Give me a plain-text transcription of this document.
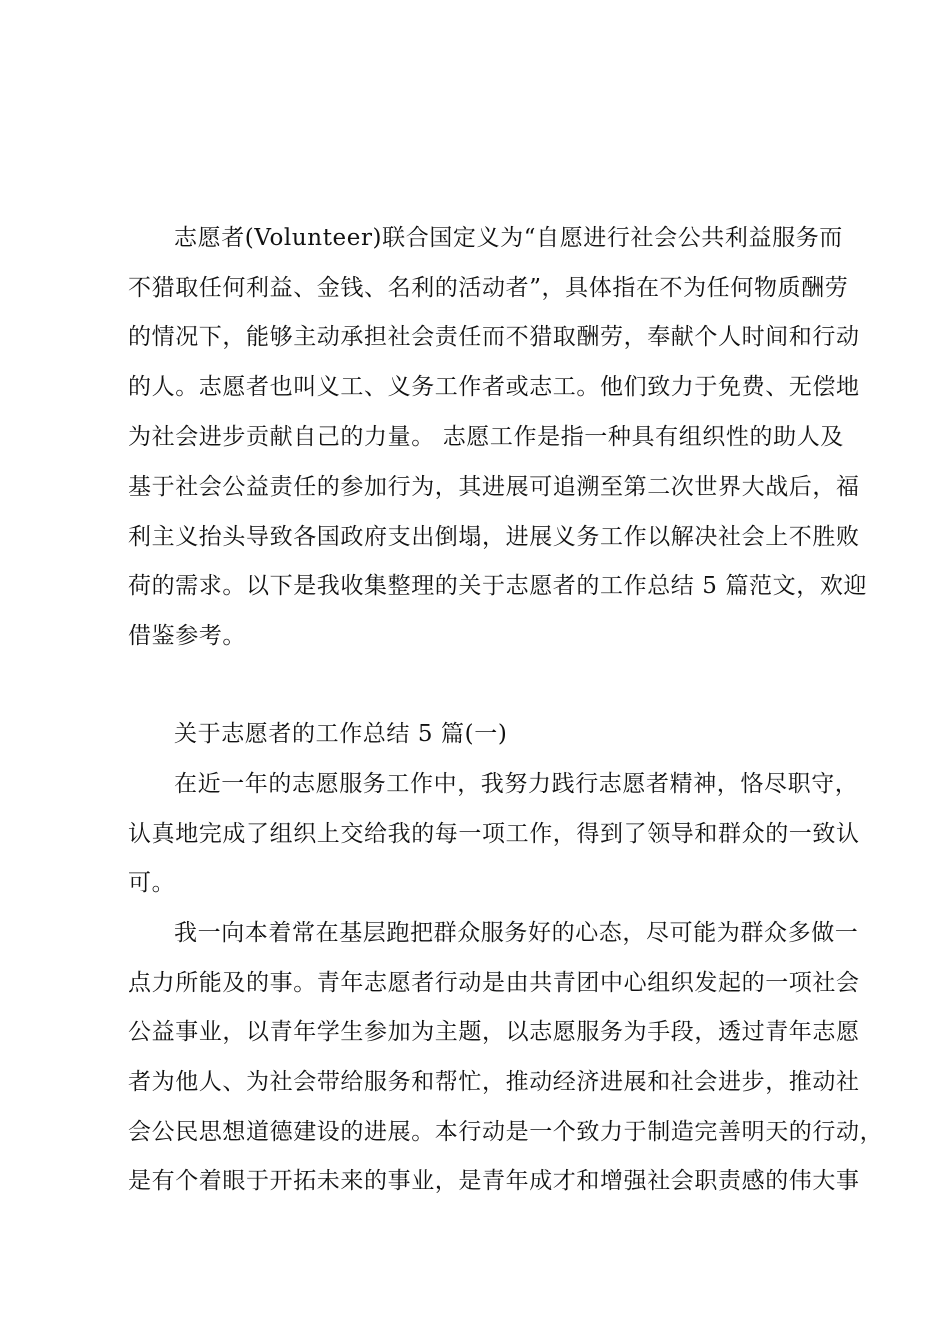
志愿者(Volunteer)联合国定义为“自愿进行社会公共利益服务而
不猎取任何利益、金钱、名利的活动者”，具体指在不为任何物质酬劳
的情况下，能够主动承担社会责任而不猎取酬劳，奉献个人时间和行动
的人。志愿者也叫义工、义务工作者或志工。他们致力于免费、无偿地
为社会进步贡献自己的力量。 志愿工作是指一种具有组织性的助人及
基于社会公益责任的参加行为，其进展可追溯至第二次世界大战后，福
利主义抬头导致各国政府支出倒塌，进展义务工作以解决社会上不胜败
荷的需求。以下是我收集整理的关于志愿者的工作总结 5 篇范文，欢迎
借鉴参考。
关于志愿者的工作总结 5 篇(一)
在近一年的志愿服务工作中，我努力践行志愿者精神，恪尽职守，
认真地完成了组织上交给我的每一项工作，得到了领导和群众的一致认
可。
我一向本着常在基层跑把群众服务好的心态，尽可能为群众多做一
点力所能及的事。青年志愿者行动是由共青团中心组织发起的一项社会
公益事业，以青年学生参加为主题，以志愿服务为手段，透过青年志愿
者为他人、为社会带给服务和帮忙，推动经济进展和社会进步，推动社
会公民思想道德建设的进展。本行动是一个致力于制造完善明天的行动，
是有个着眼于开拓未来的事业，是青年成才和增强社会职责感的伟大事
